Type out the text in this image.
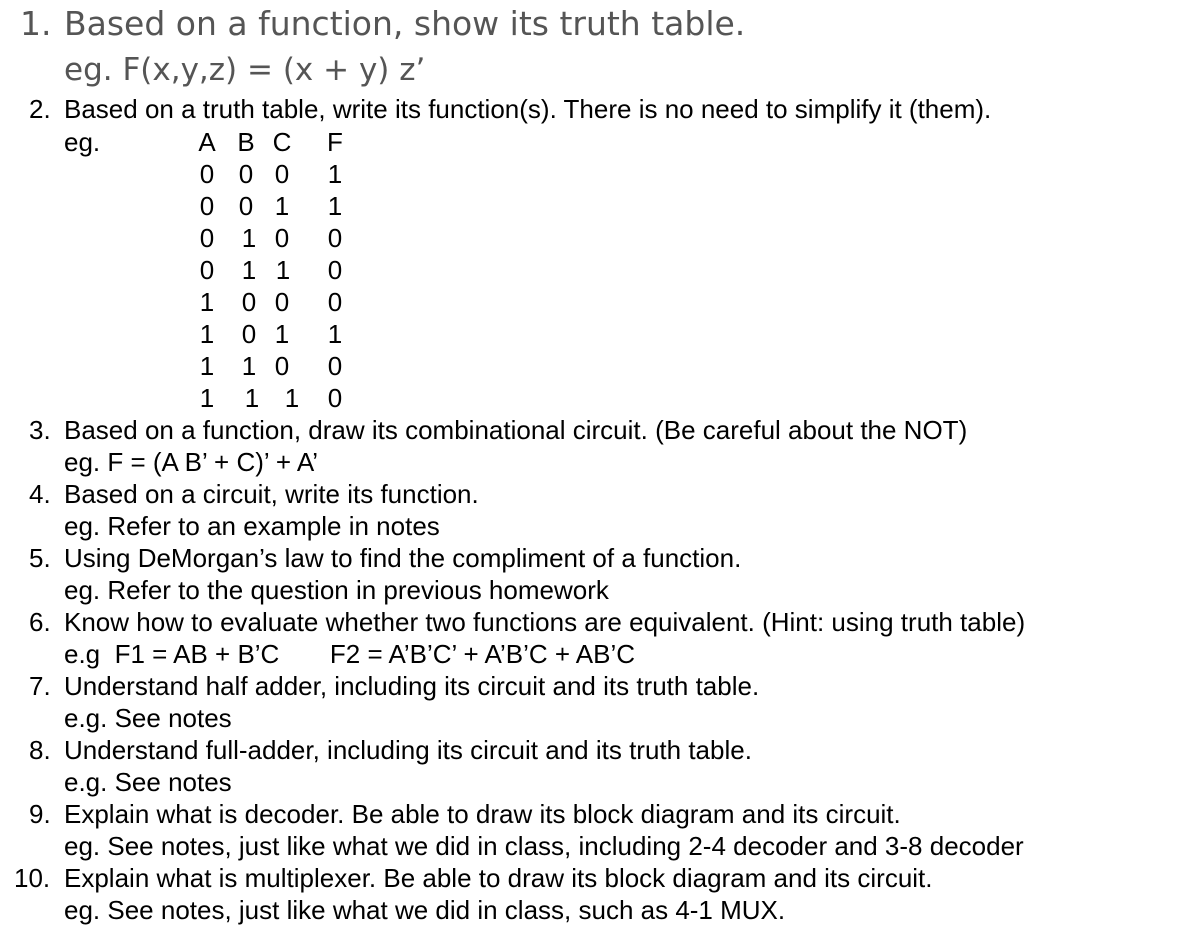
1. Based on a function, show its truth table.
eg. F(x,y,z) = (x + y) z’
2. Based on a truth table, write its function(s). There is no need to simplify it (them).
eg.	A B C F
0 0 0 1
0 0 1 1
0 1 0 0
0 1 1 0
1 0 0 0
1 0 1 1
1 1 0 0
1 1 1 0
3. Based on a function, draw its combinational circuit. (Be careful about the NOT)
eg. F = (A B’ + C)’ + A’
4. Based on a circuit, write its function.
eg. Refer to an example in notes
5. Using DeMorgan’s law to find the compliment of a function.
eg. Refer to the question in previous homework
6. Know how to evaluate whether two functions are equivalent. (Hint: using truth table)
e.g  F1 = AB + B’C       F2 = A’B’C’ + A’B’C + AB’C
7. Understand half adder, including its circuit and its truth table.
e.g. See notes
8. Understand full-adder, including its circuit and its truth table.
e.g. See notes
9. Explain what is decoder. Be able to draw its block diagram and its circuit.
eg. See notes, just like what we did in class, including 2-4 decoder and 3-8 decoder
10. Explain what is multiplexer. Be able to draw its block diagram and its circuit.
eg. See notes, just like what we did in class, such as 4-1 MUX.
